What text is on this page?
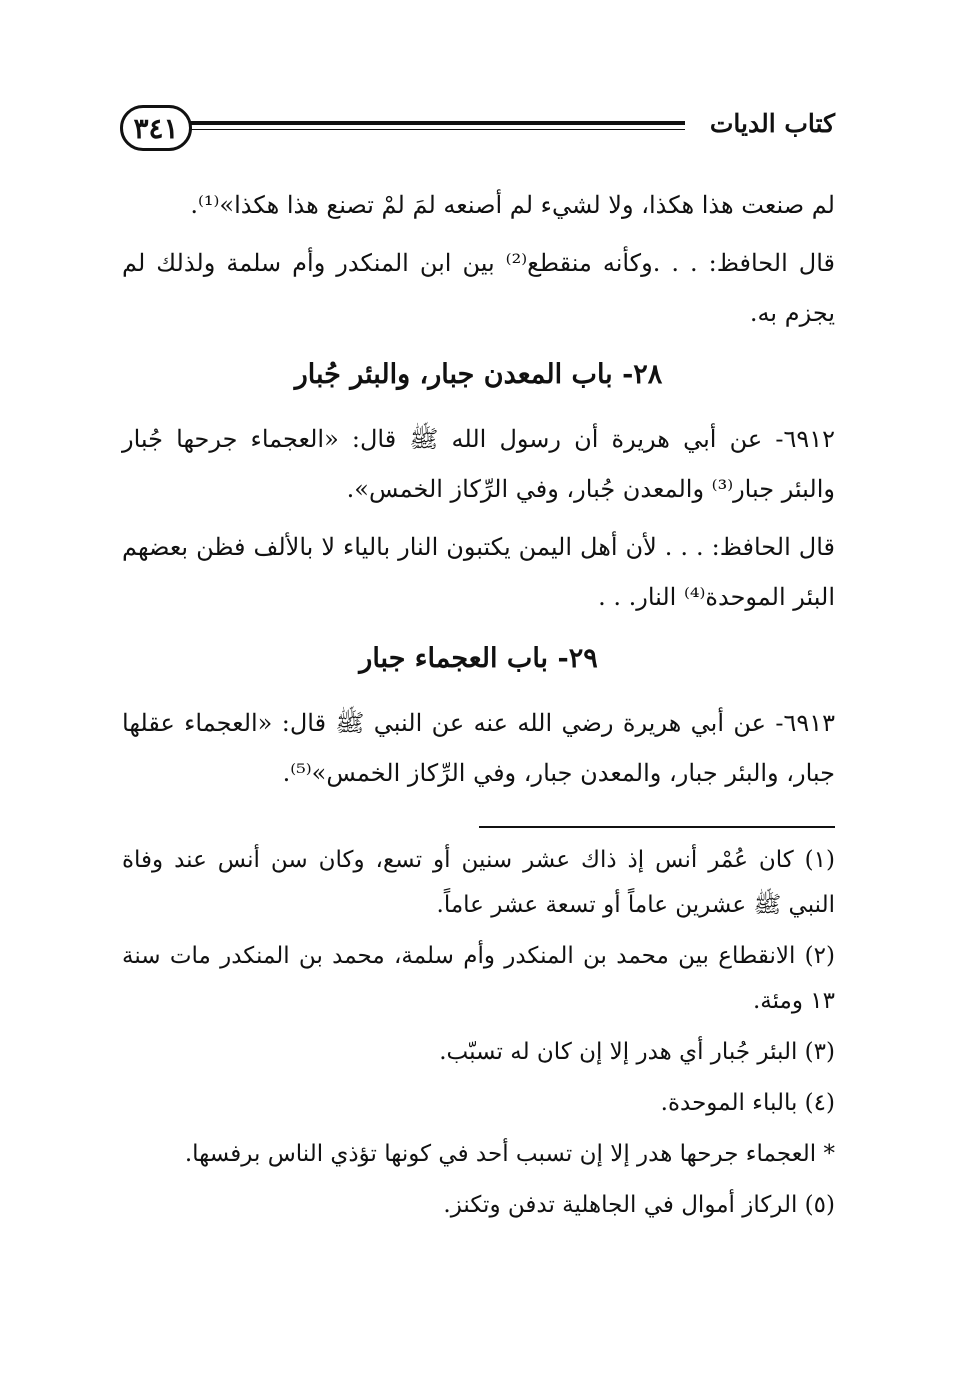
٣٤١	كتاب الديات

لم صنعت هذا هكذا، ولا لشيء لم أصنعه لمَ لمْ تصنع هذا هكذا»⁽¹⁾.

قال الحافظ: . . .وكأنه منقطع⁽²⁾ بين ابن المنكدر وأم سلمة ولذلك لم يجزم به.

٢٨- باب المعدن جبار، والبئر جُبار

٦٩١٢- عن أبي هريرة أن رسول الله ﷺ قال: «العجماء جرحها جُبار والبئر جبار⁽³⁾ والمعدن جُبار، وفي الرِّكاز الخمس».

قال الحافظ: . . . لأن أهل اليمن يكتبون النار بالياء لا بالألف فظن بعضهم البئر الموحدة⁽⁴⁾ النار. . .

٢٩- باب العجماء جبار

٦٩١٣- عن أبي هريرة رضي الله عنه عن النبي ﷺ قال: «العجماء عقلها جبار، والبئر جبار، والمعدن جبار، وفي الرِّكاز الخمس»⁽⁵⁾.

(١) كان عُمْر أنس إذ ذاك عشر سنين أو تسع، وكان سن أنس عند وفاة النبي ﷺ عشرين عاماً أو تسعة عشر عاماً.

(٢) الانقطاع بين محمد بن المنكدر وأم سلمة، محمد بن المنكدر مات سنة ١٣ ومئة.

(٣) البئر جُبار أي هدر إلا إن كان له تسبّب.

(٤) بالباء الموحدة.

* العجماء جرحها هدر إلا إن تسبب أحد في كونها تؤذي الناس برفسها.

(٥) الركاز أموال في الجاهلية تدفن وتكنز.
